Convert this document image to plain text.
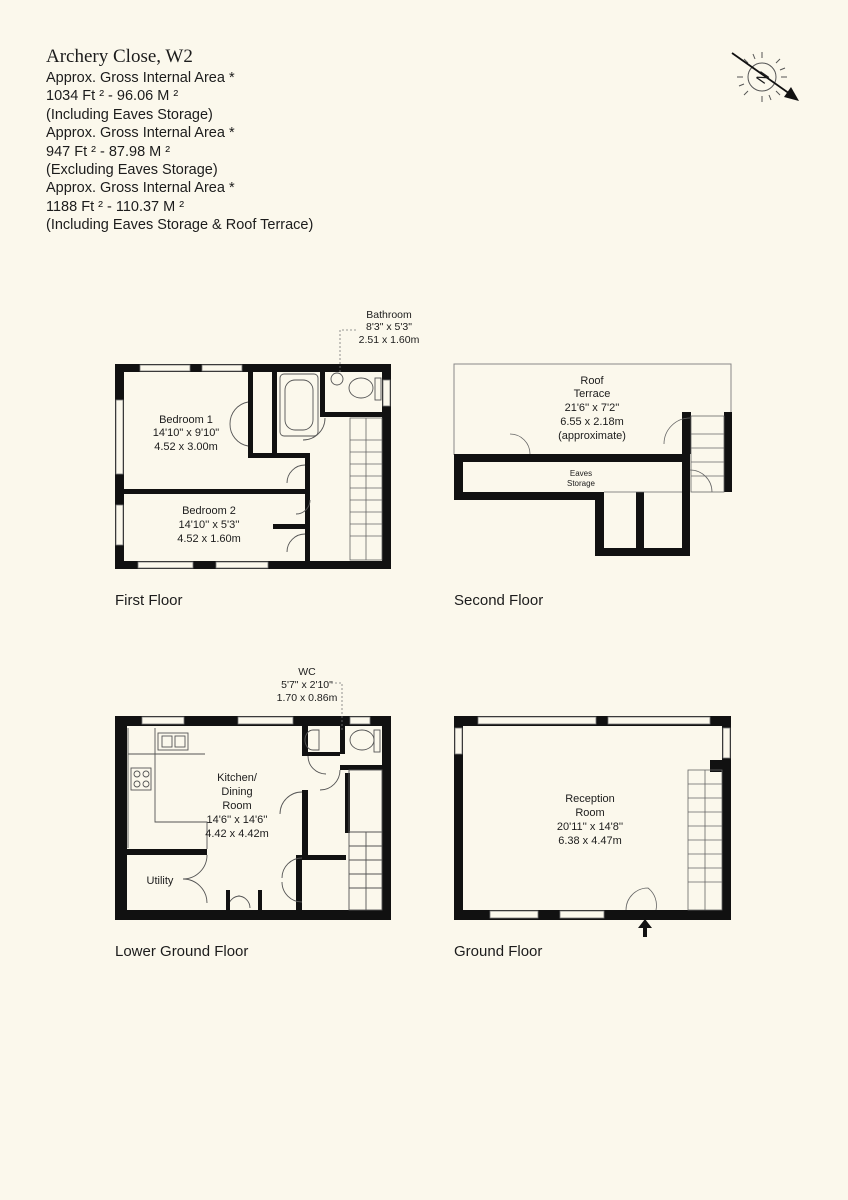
Archery Close, W2
Approx. Gross Internal Area *
1034 Ft ² - 96.06 M ²
(Including Eaves Storage)
Approx. Gross Internal Area *
947 Ft ² - 87.98 M ²
(Excluding Eaves Storage)
Approx. Gross Internal Area *
1188 Ft ² - 110.37 M ²
(Including Eaves Storage & Roof Terrace)
N
Bathroom
8'3" x 5'3"
2.51 x 1.60m
Bedroom 1
14'10" x 9'10"
4.52 x 3.00m
Bedroom 2
14'10'' x 5'3''
4.52 x 1.60m
Roof
Terrace
21'6'' x 7'2''
6.55 x 2.18m
(approximate)
Eaves
Storage
WC
5'7" x 2'10"
1.70 x 0.86m
Kitchen/
Dining
Room
14'6'' x 14'6''
4.42 x 4.42m
Utility
Reception
Room
20'11'' x 14'8''
6.38 x 4.47m
First Floor	Second Floor
Lower Ground Floor	Ground Floor
